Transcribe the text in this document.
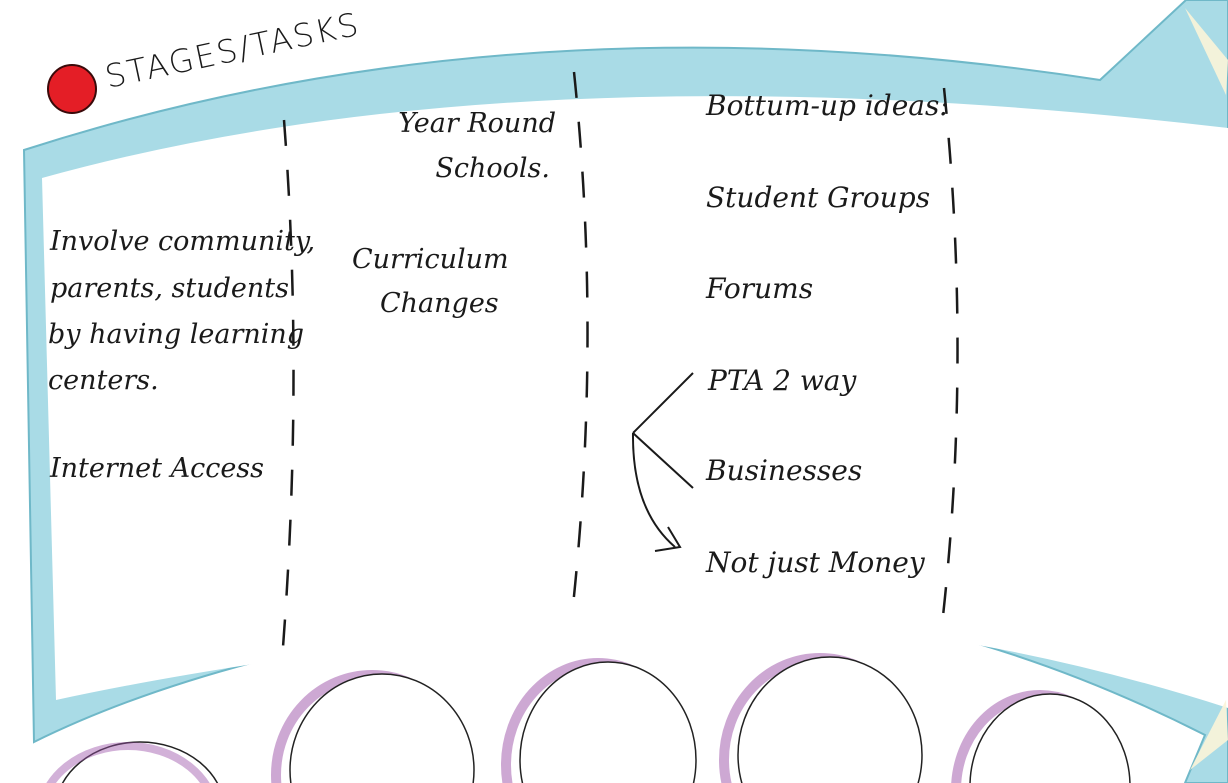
STAGES/TASKS
Involve community,
parents, students
by having learning
centers.
Internet Access
Year Round
Schools.
Curriculum
Changes
Bottum-up ideas:
Student Groups
Forums
PTA 2 way
Businesses
Not just Money
